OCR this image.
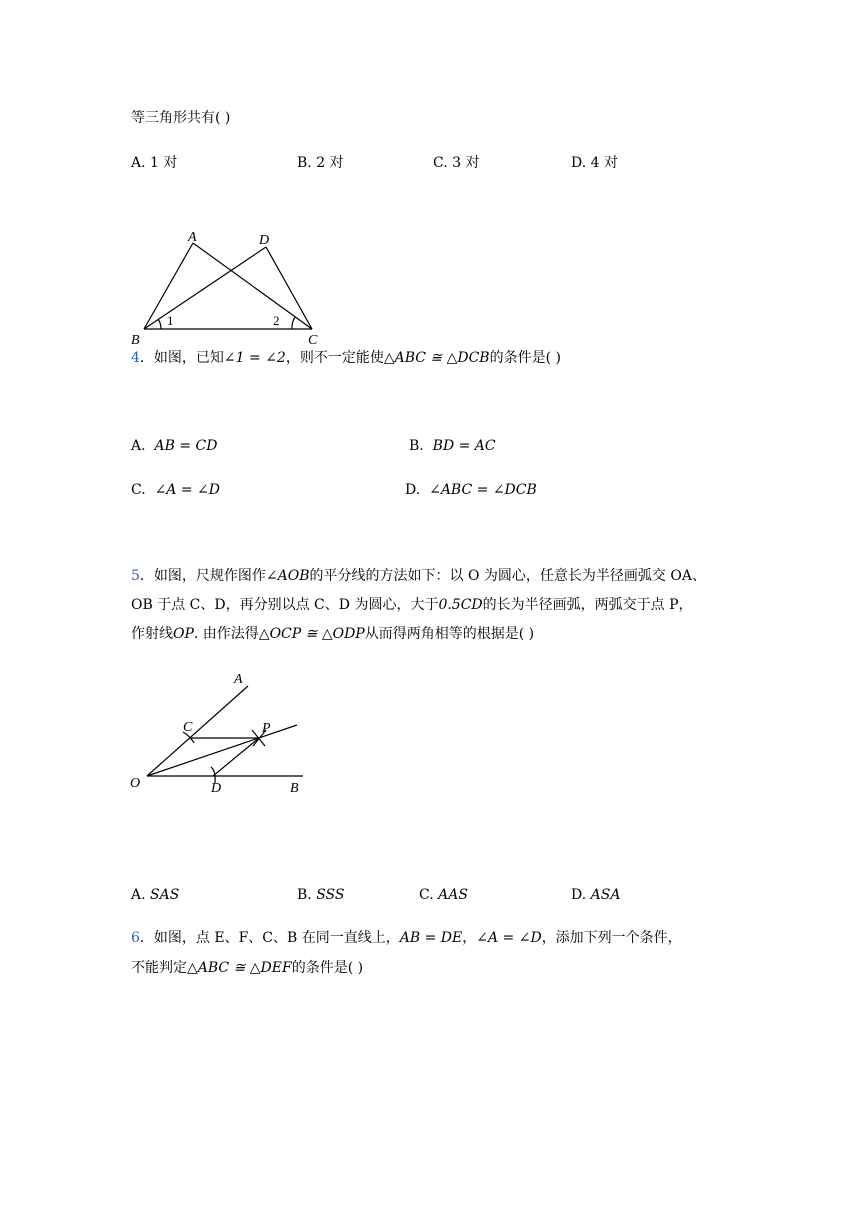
等三角形共有( )
A. 1 对	B. 2 对	C. 3 对	D. 4 对
A	D
B	C
1	2
4．如图，已知∠1 = ∠2，则不一定能使△ABC ≅ △DCB的条件是( )
A. AB = CD	B. BD = AC
C. ∠A = ∠D	D. ∠ABC = ∠DCB
5．如图，尺规作图作∠AOB的平分线的方法如下：以 O 为圆心，任意长为半径画弧交 OA、
OB 于点 C、D，再分别以点 C、D 为圆心，大于0.5CD的长为半径画弧，两弧交于点 P，
作射线OP. 由作法得△OCP ≅ △ODP从而得两角相等的根据是( )
A
C	P
O	D	B
A. SAS	B. SSS	C. AAS	D. ASA
6．如图，点 E、F、C、B 在同一直线上，AB = DE，∠A = ∠D，添加下列一个条件，
不能判定△ABC ≅ △DEF的条件是( )
